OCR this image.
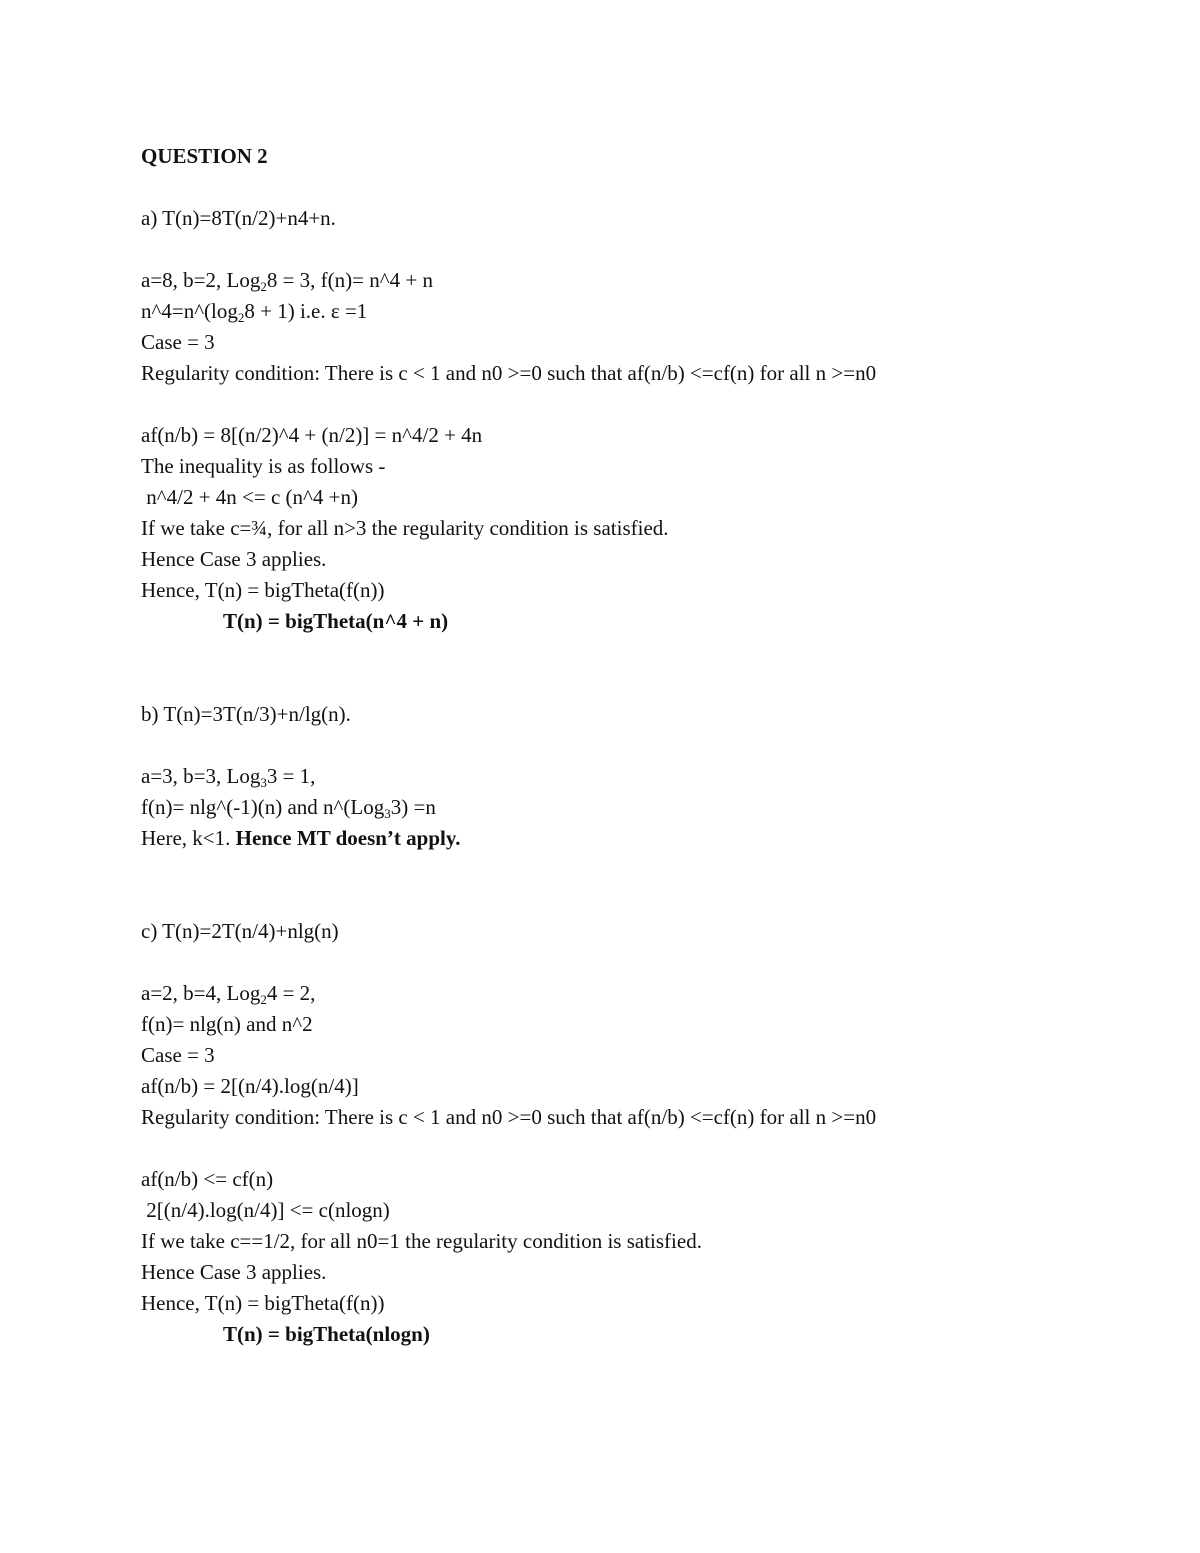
QUESTION 2
a) T(n)=8T(n/2)+n4+n.
a=8, b=2, Log$_2$8 = 3, f(n)= n^4 + n
$n\^{}4=n\^{}(\log_28 + 1)$ i.e. ε =1
Case = 3
Regularity condition: There is c < 1 and n0 >=0 such that af(n/b) <=cf(n) for all n >=n0
af(n/b) = 8[(n/2)^4 + (n/2)] = n^4/2 + 4n
The inequality is as follows -
n^4/2 + 4n <= c (n^4 +n)
If we take c=¾, for all n>3 the regularity condition is satisfied.
Hence Case 3 applies.
Hence, T(n) = bigTheta(f(n))
T(n) = bigTheta(n^4 + n)
b) T(n)=3T(n/3)+n/lg(n).
a=3, b=3, Log$_3$3 = 1,
f(n)= nlg^(-1)(n) and n^(Log$_3$3) =n
Here, k<1. Hence MT doesn’t apply.
c) T(n)=2T(n/4)+nlg(n)
a=2, b=4, Log$_2$4 = 2,
f(n)= nlg(n) and n^2
Case = 3
af(n/b) = 2[(n/4).log(n/4)]
Regularity condition: There is c < 1 and n0 >=0 such that af(n/b) <=cf(n) for all n >=n0
af(n/b) <= cf(n)
2[(n/4).log(n/4)] <= c(nlogn)
If we take c==1/2, for all n0=1 the regularity condition is satisfied.
Hence Case 3 applies.
Hence, T(n) = bigTheta(f(n))
T(n) = bigTheta(nlogn)
